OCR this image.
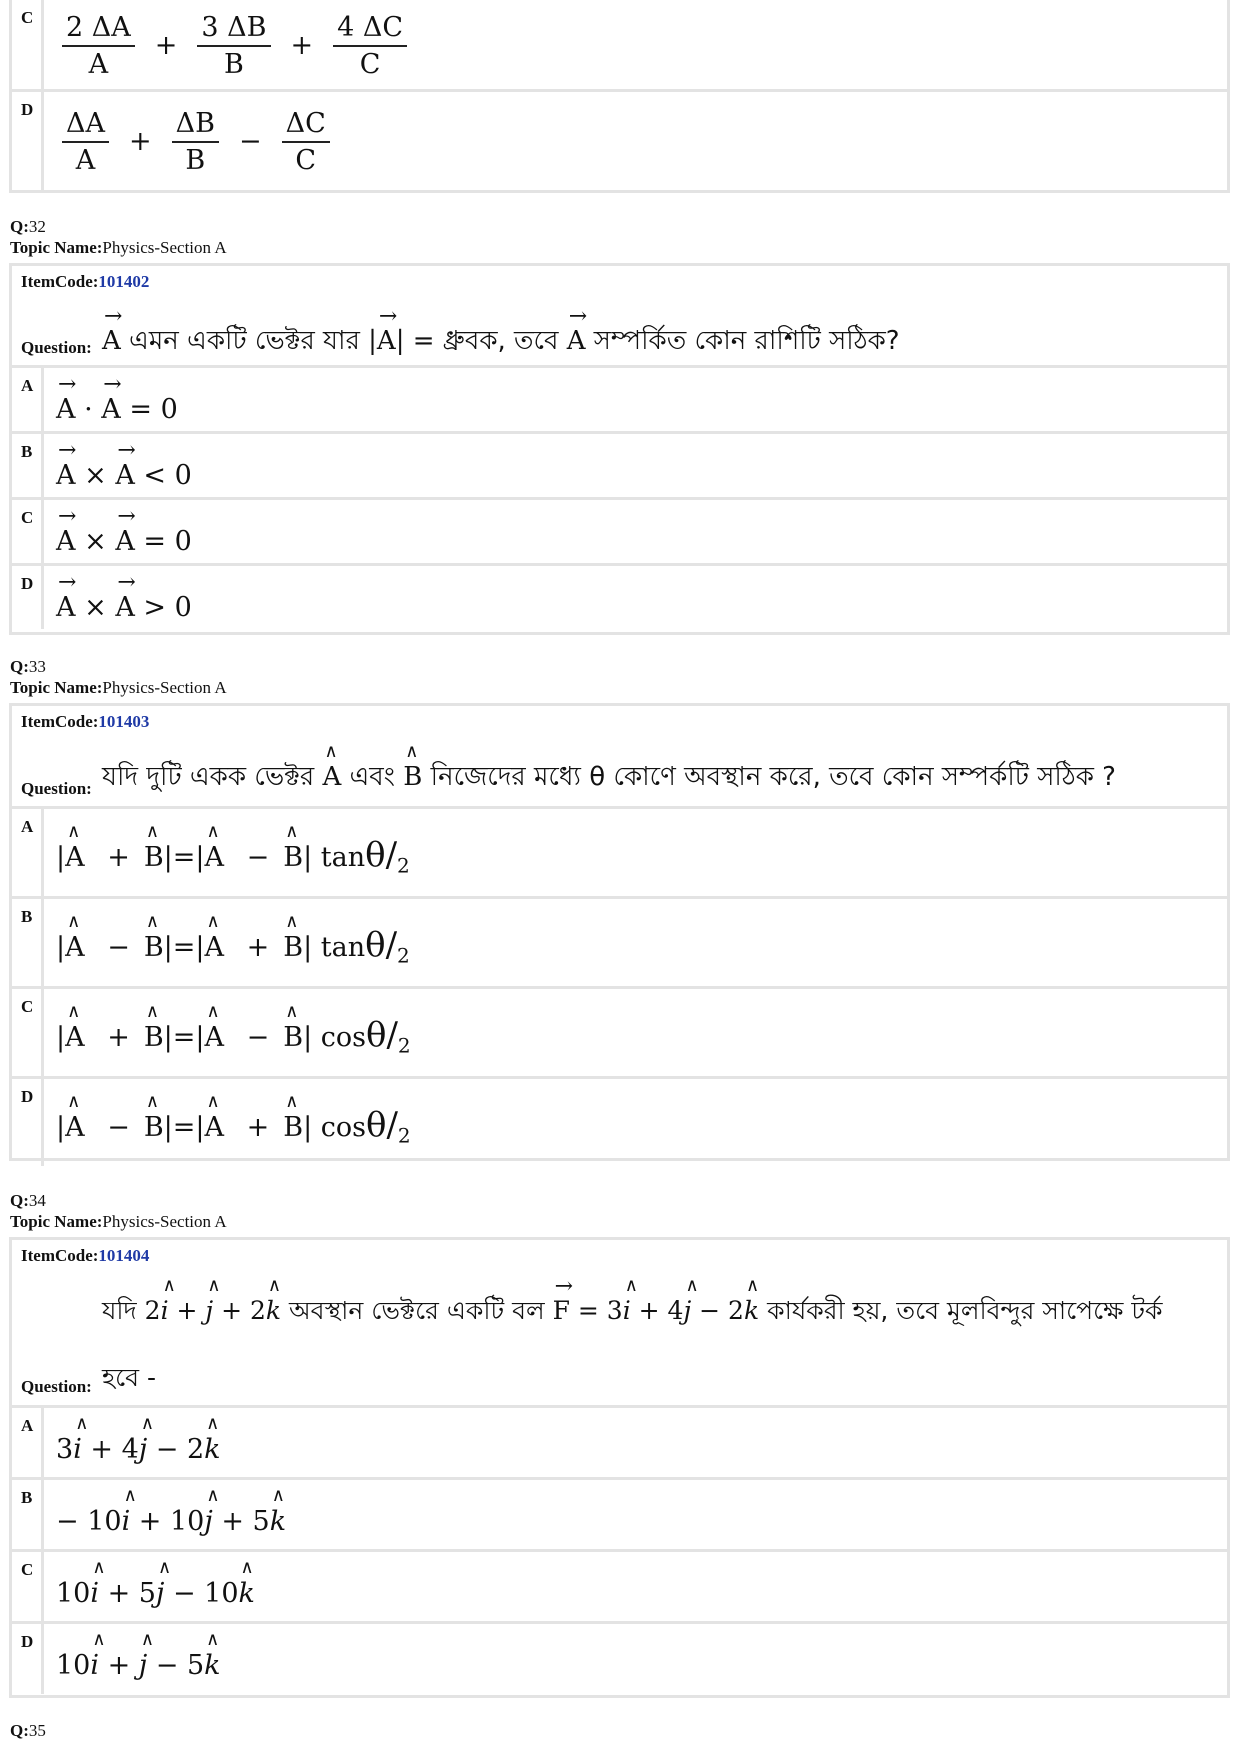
C $\frac{2 \Delta A}{A} + \frac{3 \Delta B}{B} + \frac{4 \Delta C}{C}$
D $\frac{\Delta A}{A} + \frac{\Delta B}{B} - \frac{\Delta C}{C}$
Q:32
Topic Name:Physics-Section A
ItemCode:101402
Question: → A এমন একটি ভেক্টর যার |→ A| = ধ্রুবক, তবে → A সম্পর্কিত কোন রাশিটি সঠিক?
A
→ A · → A = 0
B
→ A × → A < 0
C
→ A × → A = 0
D
→ A × → A > 0
Q:33
Topic Name:Physics-Section A
ItemCode:101403
Question: যদি দুটি একক ভেক্টর ∧ A এবং ∧ B নিজেদের মধ্যে θ কোণে অবস্থান করে, তবে কোন সম্পর্কটি সঠিক ?
A
|∧ A + ∧ B|=|∧ A − ∧ B| tanθ/$_2$
B
|∧ A − ∧ B|=|∧ A + ∧ B| tanθ/$_2$
C
|∧ A + ∧ B|=|∧ A − ∧ B| cosθ/$_2$
D
|∧ A − ∧ B|=|∧ A + ∧ B| cosθ/$_2$
Q:34
Topic Name:Physics-Section A
ItemCode:101404
যদি 2∧ i + ∧ j + 2∧ k অবস্থান ভেক্টরে একটি বল → F = 3∧ i + 4∧ j − 2∧ k কার্যকরী হয়, তবে মূলবিন্দুর সাপেক্ষে টর্ক
Question: হবে -
A
3∧ i + 4∧ j − 2∧ k
B
− 10∧ i + 10∧ j + 5∧ k
C
10∧ i + 5∧ j − 10∧ k
D
10∧ i + ∧ j − 5∧ k
Q:35
